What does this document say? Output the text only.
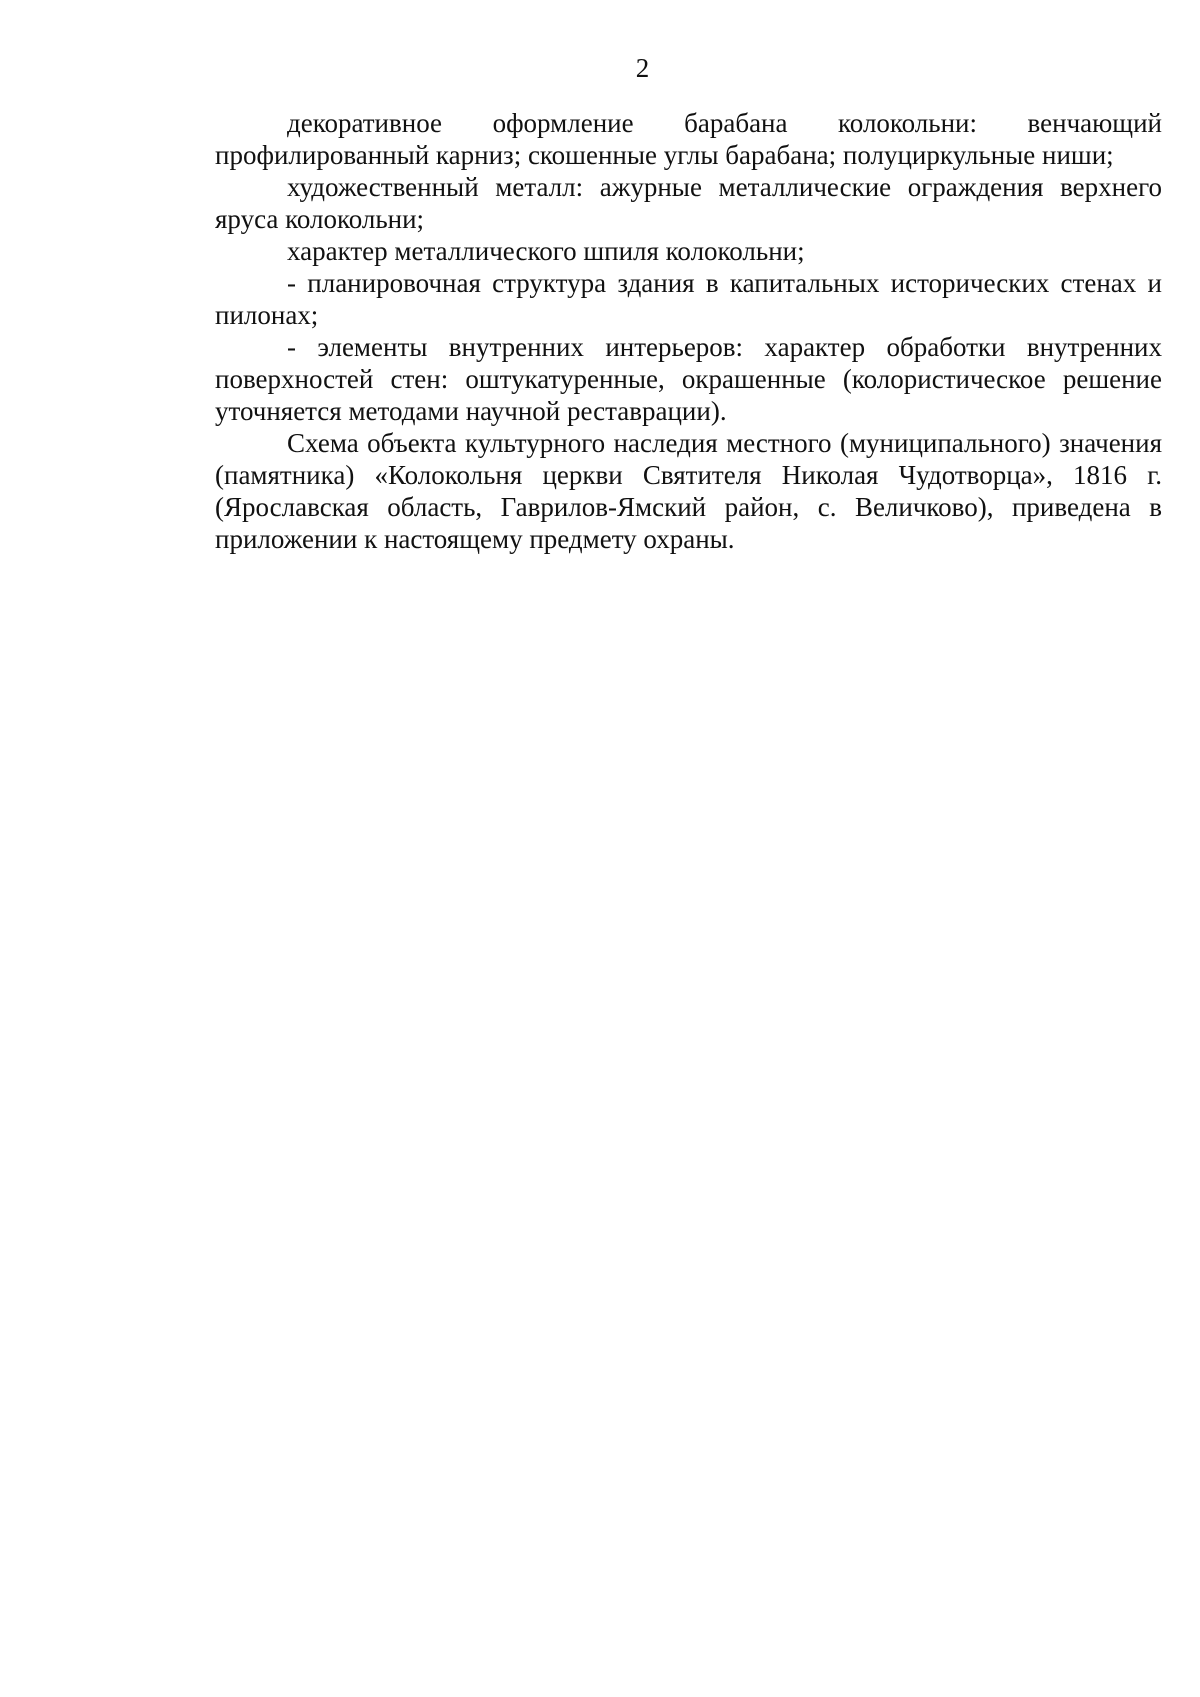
2

декоративное оформление барабана колокольни: венчающий профилированный карниз; скошенные углы барабана; полуциркульные ниши;

художественный металл: ажурные металлические ограждения верхнего яруса колокольни;

характер металлического шпиля колокольни;

- планировочная структура здания в капитальных исторических стенах и пилонах;

- элементы внутренних интерьеров: характер обработки внутренних поверхностей стен: оштукатуренные, окрашенные (колористическое решение уточняется методами научной реставрации).

Схема объекта культурного наследия местного (муниципального) значения (памятника) «Колокольня церкви Святителя Николая Чудотворца», 1816 г. (Ярославская область, Гаврилов-Ямский район, с. Величково), приведена в приложении к настоящему предмету охраны.
